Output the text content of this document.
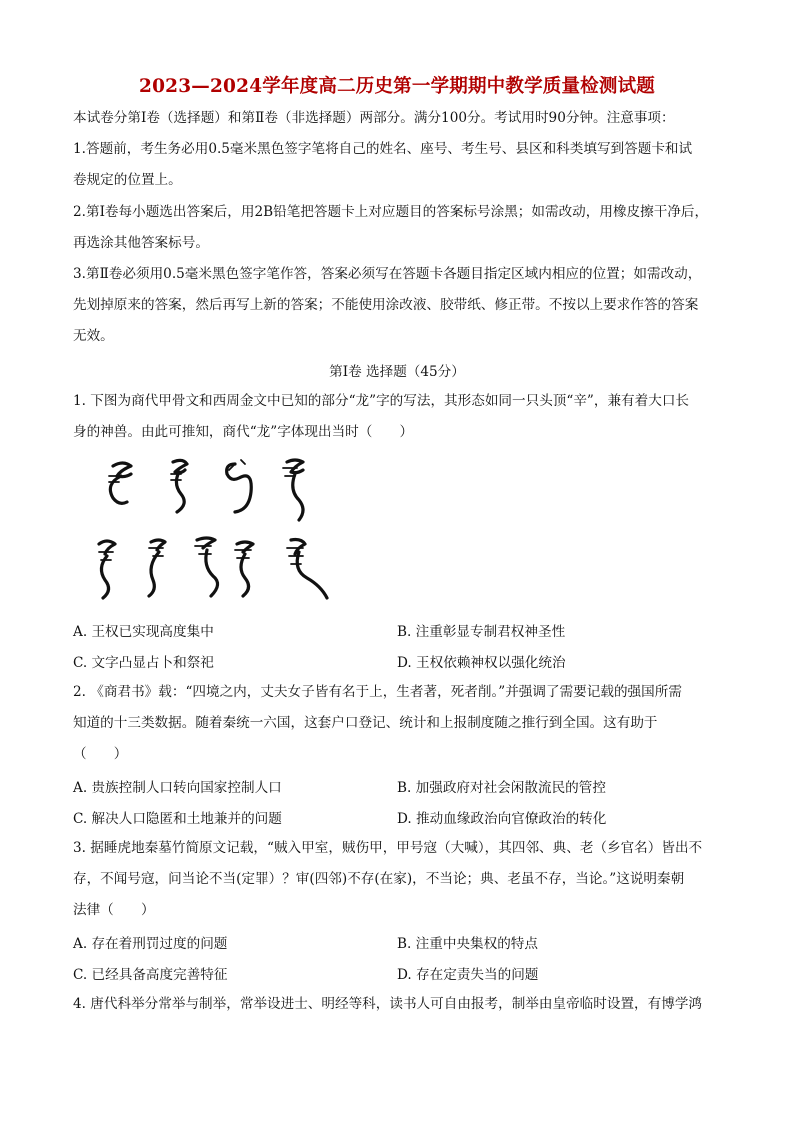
2023—2024学年度高二历史第一学期期中教学质量检测试题
本试卷分第Ⅰ卷（选择题）和第Ⅱ卷（非选择题）两部分。满分100分。考试用时90分钟。注意事项：
1.答题前，考生务必用0.5毫米黑色签字笔将自己的姓名、座号、考生号、县区和科类填写到答题卡和试
卷规定的位置上。
2.第Ⅰ卷每小题选出答案后，用2B铅笔把答题卡上对应题目的答案标号涂黑；如需改动，用橡皮擦干净后，
再选涂其他答案标号。
3.第Ⅱ卷必须用0.5毫米黑色签字笔作答，答案必须写在答题卡各题目指定区域内相应的位置；如需改动，
先划掉原来的答案，然后再写上新的答案；不能使用涂改液、胶带纸、修正带。不按以上要求作答的答案
无效。
第Ⅰ卷 选择题（45分）
1. 下图为商代甲骨文和西周金文中已知的部分“龙”字的写法，其形态如同一只头顶“辛”，兼有着大口长
身的神兽。由此可推知，商代“龙”字体现出当时（　　）
A. 王权已实现高度集中	B. 注重彰显专制君权神圣性
C. 文字凸显占卜和祭祀	D. 王权依赖神权以强化统治
2. 《商君书》载：“四境之内，丈夫女子皆有名于上，生者著，死者削。”并强调了需要记载的强国所需
知道的十三类数据。随着秦统一六国，这套户口登记、统计和上报制度随之推行到全国。这有助于
（　　）
A. 贵族控制人口转向国家控制人口	B. 加强政府对社会闲散流民的管控
C. 解决人口隐匿和土地兼并的问题	D. 推动血缘政治向官僚政治的转化
3. 据睡虎地秦墓竹简原文记载，“贼入甲室，贼伤甲，甲号寇（大喊），其四邻、典、老（乡官名）皆出不
存，不闻号寇，问当论不当(定罪）？审(四邻)不存(在家)，不当论；典、老虽不存，当论。”这说明秦朝
法律（　　）
A. 存在着刑罚过度的问题	B. 注重中央集权的特点
C. 已经具备高度完善特征	D. 存在定责失当的问题
4. 唐代科举分常举与制举，常举设进士、明经等科，读书人可自由报考，制举由皇帝临时设置，有博学鸿
